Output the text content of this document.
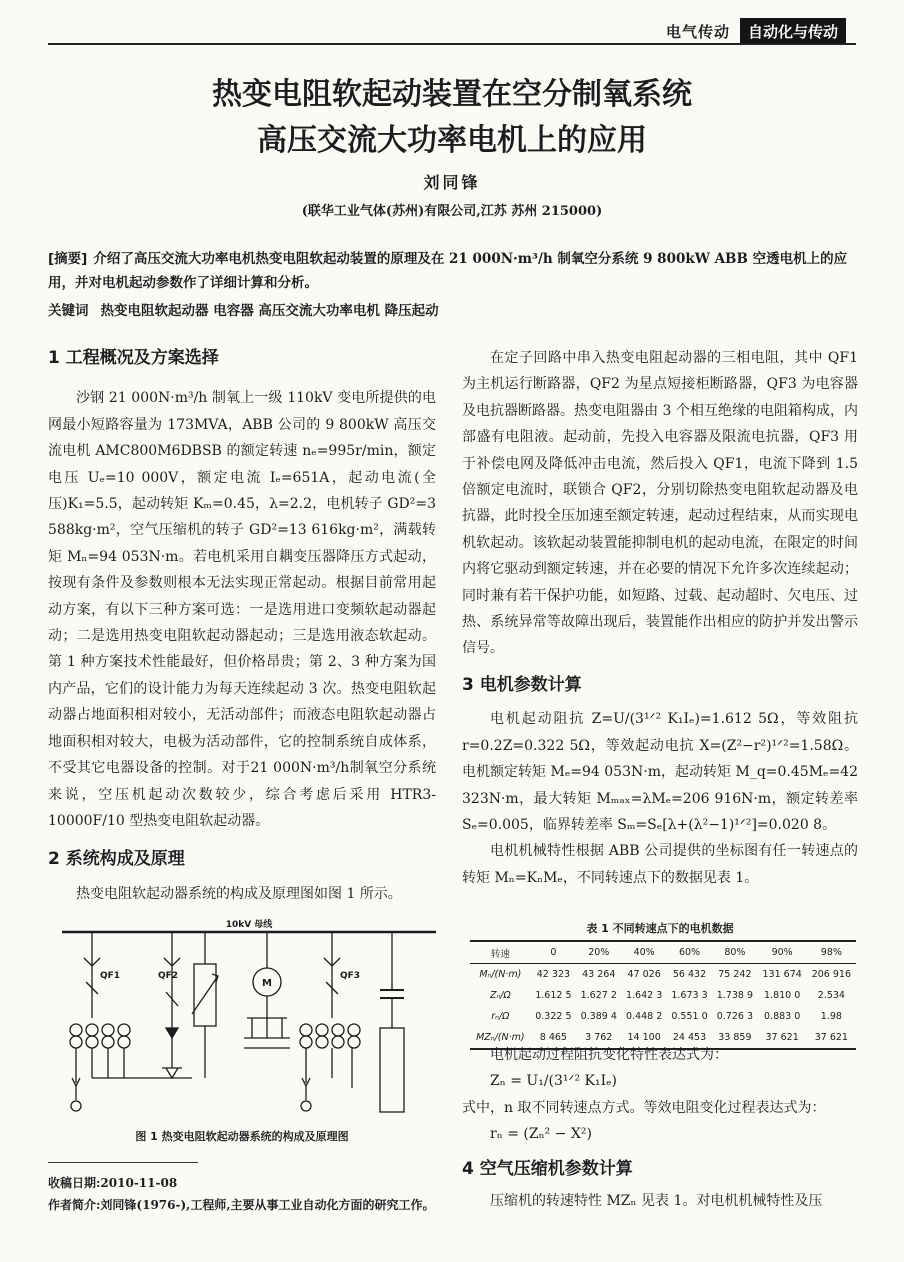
电气传动	自动化与传动
热变电阻软起动装置在空分制氧系统
高压交流大功率电机上的应用
刘同锋
(联华工业气体(苏州)有限公司,江苏 苏州 215000)
[摘要] 介绍了高压交流大功率电机热变电阻软起动装置的原理及在 21 000N·m³/h 制氧空分系统 9 800kW ABB 空透电机上的应用，并对电机起动参数作了详细计算和分析。
关键词 热变电阻软起动器 电容器 高压交流大功率电机 降压起动
1 工程概况及方案选择

沙钢 21 000N·m³/h 制氧上一级 110kV 变电所提供的电网最小短路容量为 173MVA，ABB 公司的 9 800kW 高压交流电机 AMC800M6DBSB 的额定转速 nₑ=995r/min，额定电压 Uₑ=10 000V，额定电流 Iₑ=651A，起动电流(全压)K₁=5.5，起动转矩 Kₘ=0.45，λ=2.2，电机转子 GD²=3 588kg·m²，空气压缩机的转子 GD²=13 616kg·m²，满载转矩 Mₙ=94 053N·m。若电机采用自耦变压器降压方式起动，按现有条件及参数则根本无法实现正常起动。根据目前常用起动方案，有以下三种方案可选：一是选用进口变频软起动器起动；二是选用热变电阻软起动器起动；三是选用液态软起动。第 1 种方案技术性能最好，但价格昂贵；第 2、3 种方案为国内产品，它们的设计能力为每天连续起动 3 次。热变电阻软起动器占地面积相对较小，无活动部件；而液态电阻软起动器占地面积相对较大，电极为活动部件，它的控制系统自成体系，不受其它电器设备的控制。对于21 000N·m³/h制氧空分系统来说，空压机起动次数较少，综合考虑后采用 HTR3-10000F/10 型热变电阻软起动器。

2 系统构成及原理

热变电阻软起动器系统的构成及原理图如图 1 所示。

10kV 母线
QF1	QF2	QF3
M
图 1 热变电阻软起动器系统的构成及原理图
收稿日期:2010-11-08
作者简介:刘同锋(1976-),工程师,主要从事工业自动化方面的研究工作。

在定子回路中串入热变电阻起动器的三相电阻，其中 QF1 为主机运行断路器，QF2 为星点短接柜断路器，QF3 为电容器及电抗器断路器。热变电阻器由 3 个相互绝缘的电阻箱构成，内部盛有电阻液。起动前，先投入电容器及限流电抗器，QF3 用于补偿电网及降低冲击电流，然后投入 QF1，电流下降到 1.5 倍额定电流时，联锁合 QF2，分别切除热变电阻软起动器及电抗器，此时投全压加速至额定转速，起动过程结束，从而实现电机软起动。该软起动装置能抑制电机的起动电流，在限定的时间内将它驱动到额定转速，并在必要的情况下允许多次连续起动；同时兼有若干保护功能，如短路、过载、起动超时、欠电压、过热、系统异常等故障出现后，装置能作出相应的防护并发出警示信号。

3 电机参数计算

电机起动阻抗 Z=U/(3¹ᐟ² K₁Iₑ)=1.612 5Ω，等效阻抗 r=0.2Z=0.322 5Ω，等效起动电抗 X=(Z²−r²)¹ᐟ²=1.58Ω。电机额定转矩 Mₑ=94 053N·m，起动转矩 M_q=0.45Mₑ=42 323N·m，最大转矩 Mₘₐₓ=λMₑ=206 916N·m，额定转差率 Sₑ=0.005，临界转差率 Sₘ=Sₑ[λ+(λ²−1)¹ᐟ²]=0.020 8。

电机机械特性根据 ABB 公司提供的坐标图有任一转速点的转矩 Mₙ=KₙMₑ，不同转速点下的数据见表 1。

表 1 不同转速点下的电机数据
转速	0	20%	40%	60%	80%	90%	98%
Mₙ/(N·m)	42 323	43 264	47 026	56 432	75 242	131 674	206 916
Zₙ/Ω	1.612 5	1.627 2	1.642 3	1.673 3	1.738 9	1.810 0	2.534
rₙ/Ω	0.322 5	0.389 4	0.448 2	0.551 0	0.726 3	0.883 0	1.98
MZₙ/(N·m)	8 465	3 762	14 100	24 453	33 859	37 621	37 621

电机起动过程阻抗变化特性表达式为：

Zₙ = U₁/(3¹ᐟ² K₁Iₑ)

式中，n 取不同转速点方式。等效电阻变化过程表达式为：

rₙ = (Zₙ² − X²)

4 空气压缩机参数计算

压缩机的转速特性 MZₙ 见表 1。对电机机械特性及压
